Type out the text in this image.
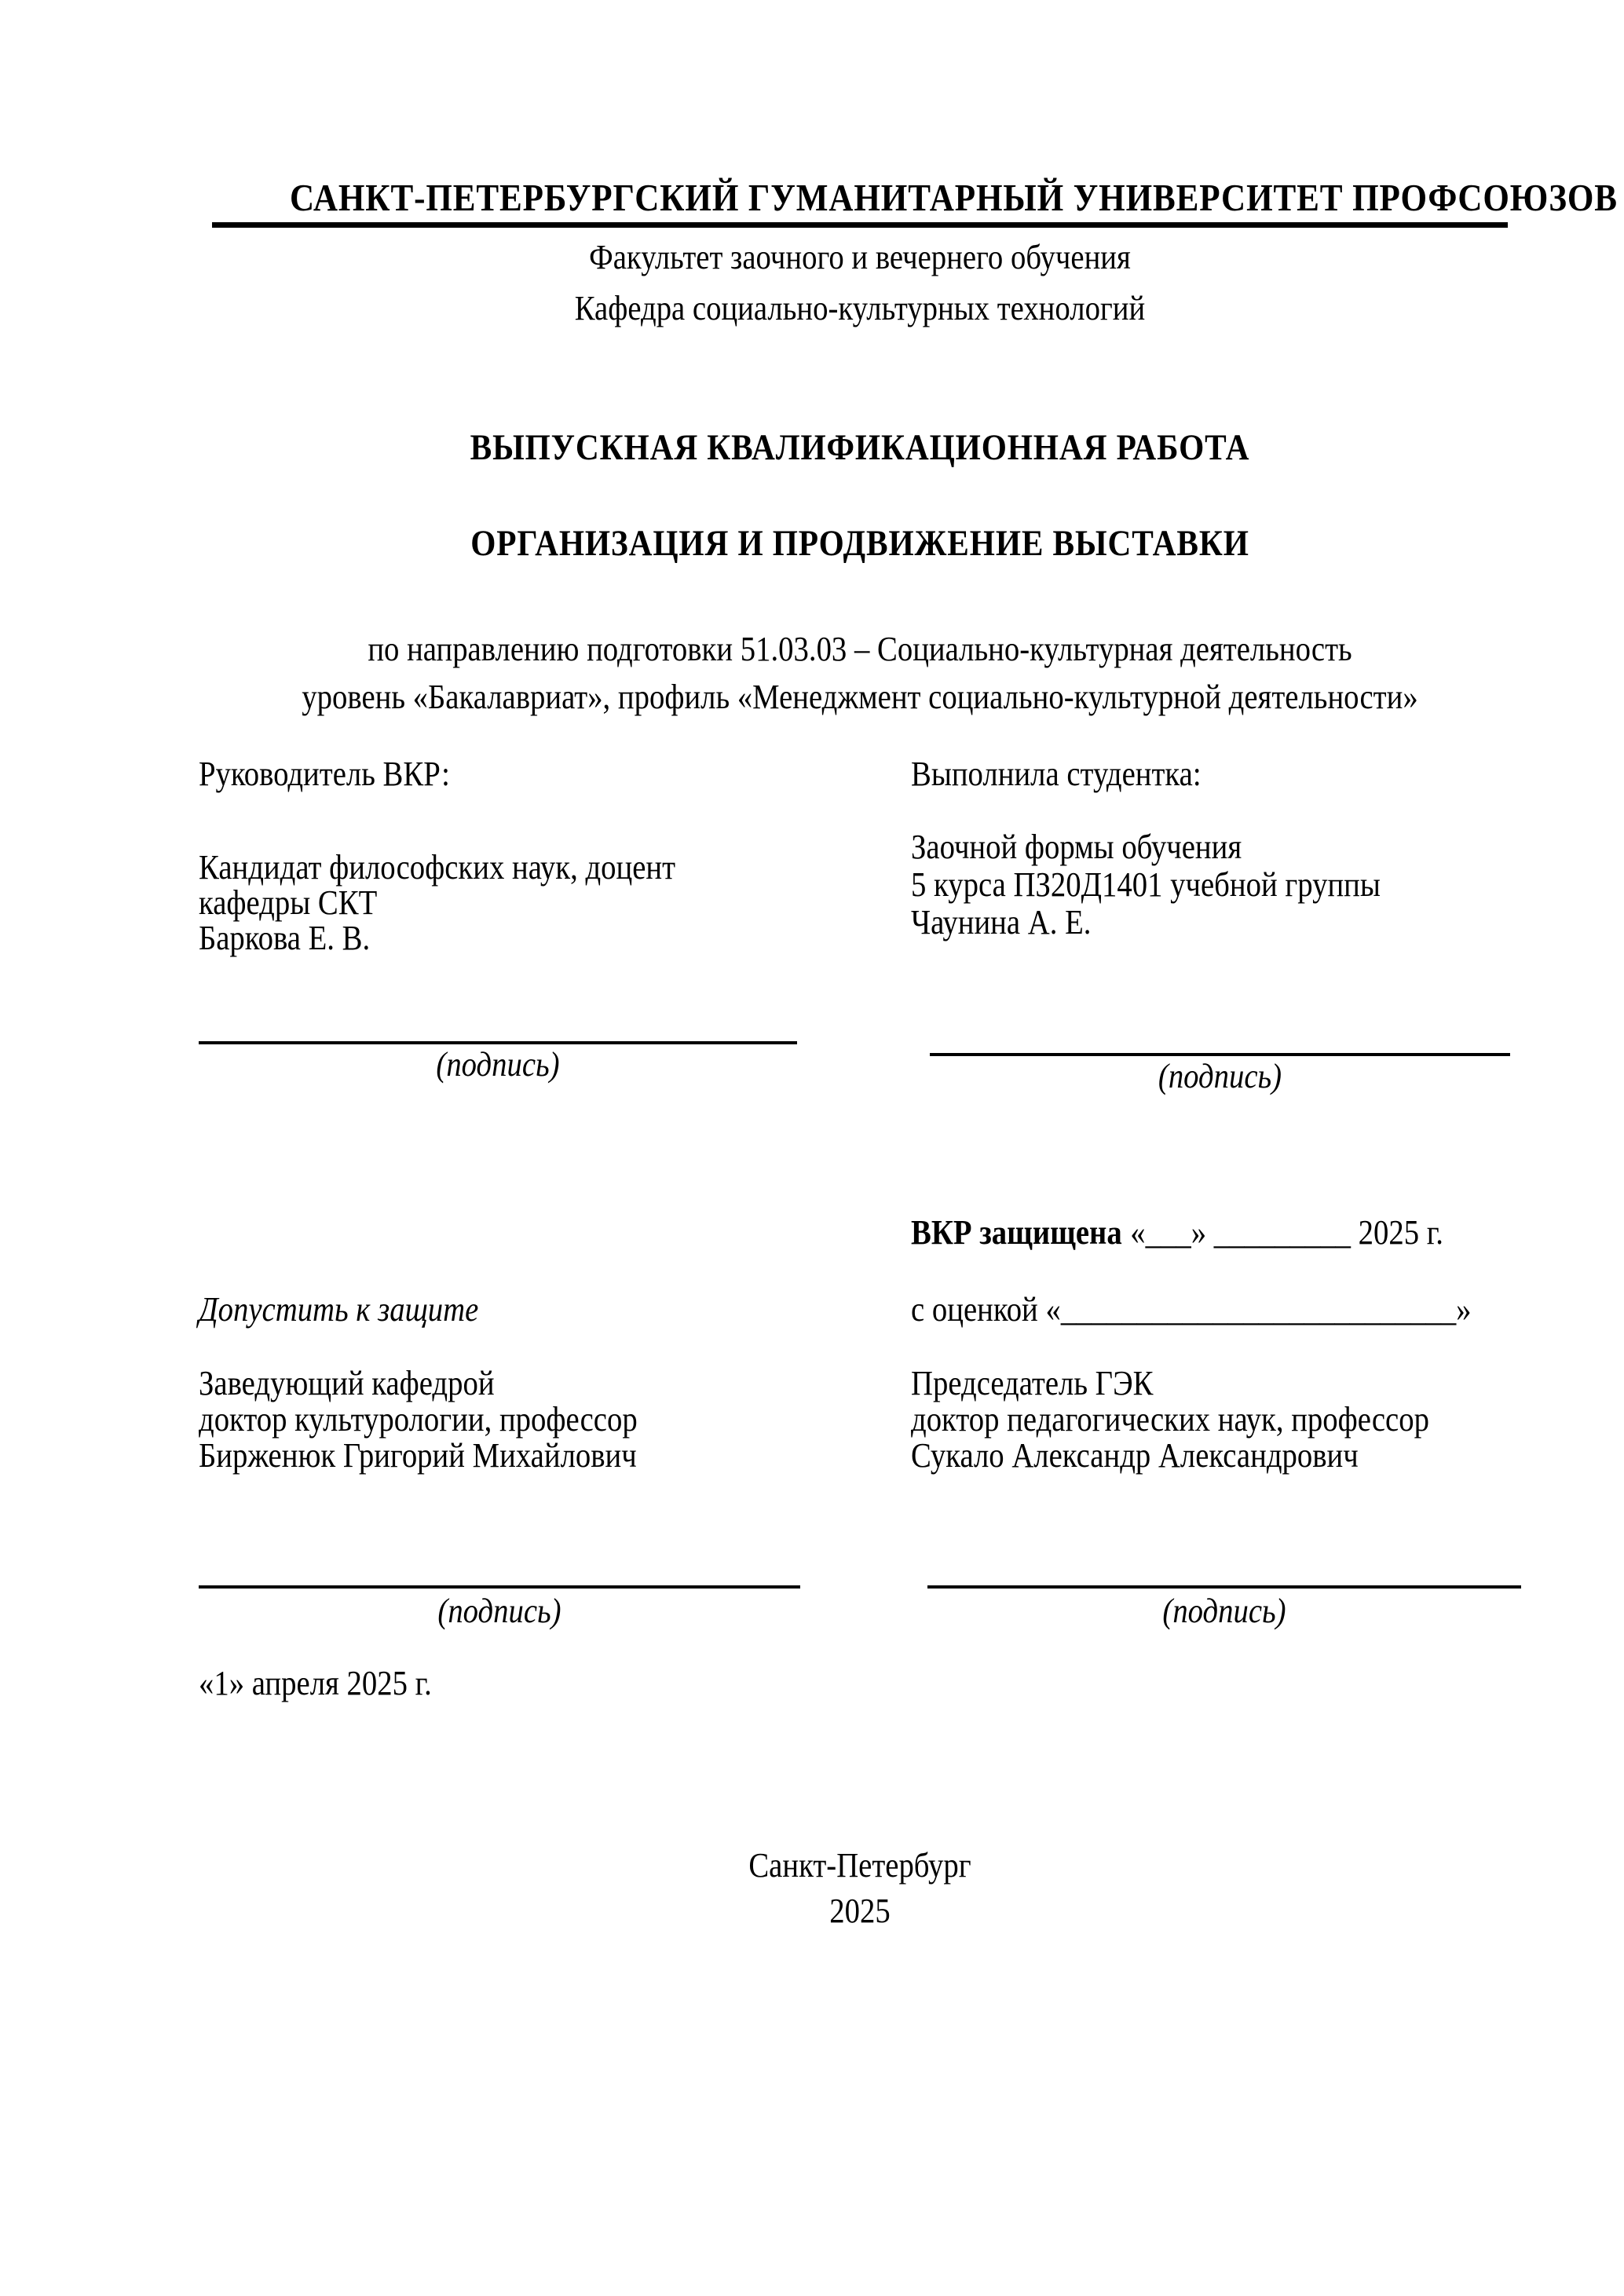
САНКТ-ПЕТЕРБУРГСКИЙ ГУМАНИТАРНЫЙ УНИВЕРСИТЕТ ПРОФСОЮЗОВ
Факультет заочного и вечернего обучения
Кафедра социально-культурных технологий
ВЫПУСКНАЯ КВАЛИФИКАЦИОННАЯ РАБОТА
ОРГАНИЗАЦИЯ И ПРОДВИЖЕНИЕ ВЫСТАВКИ
по направлению подготовки 51.03.03 – Социально-культурная деятельность
уровень «Бакалавриат», профиль «Менеджмент социально-культурной деятельности»
Руководитель ВКР:	Выполнила студентка:
Заочной формы обучения
5 курса ПЗ20Д1401 учебной группы
Чаунина А. Е.
Кандидат философских наук, доцент
кафедры СКТ
Баркова Е. В.
(подпись)	(подпись)
ВКР защищена «___» _________ 2025 г.
Допустить к защите	с оценкой «__________________________»
Заведующий кафедрой
доктор культурологии, профессор
Бирженюк Григорий Михайлович
Председатель ГЭК
доктор педагогических наук, профессор
Сукало Александр Александрович
(подпись)	(подпись)
«1» апреля 2025 г.
Санкт-Петербург
2025
